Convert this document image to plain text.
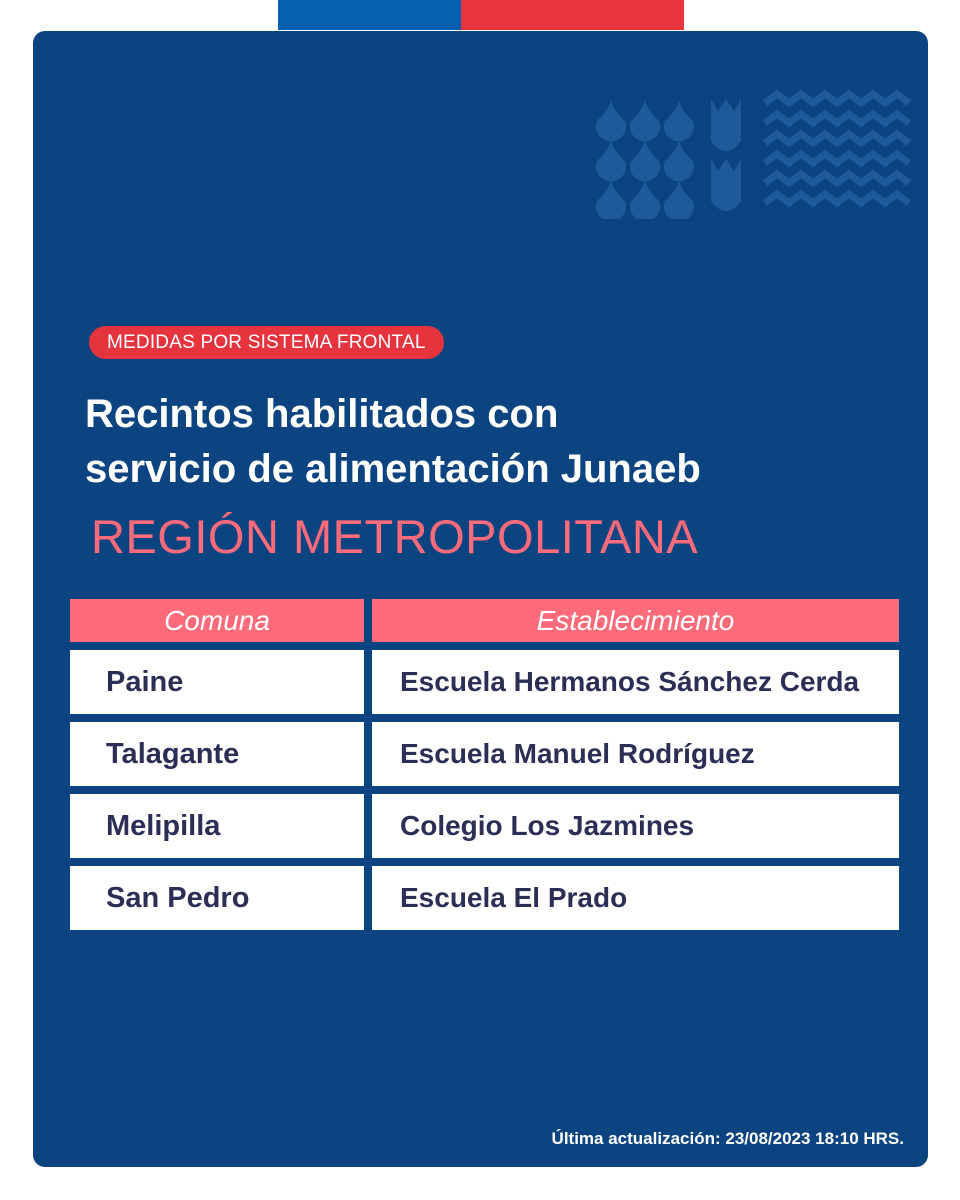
MEDIDAS POR SISTEMA FRONTAL
Recintos habilitados con
servicio de alimentación Junaeb
REGIÓN METROPOLITANA
Comuna	Establecimiento
Paine	Escuela Hermanos Sánchez Cerda
Talagante	Escuela Manuel Rodríguez
Melipilla	Colegio Los Jazmines
San Pedro	Escuela El Prado
Última actualización: 23/08/2023 18:10 HRS.
